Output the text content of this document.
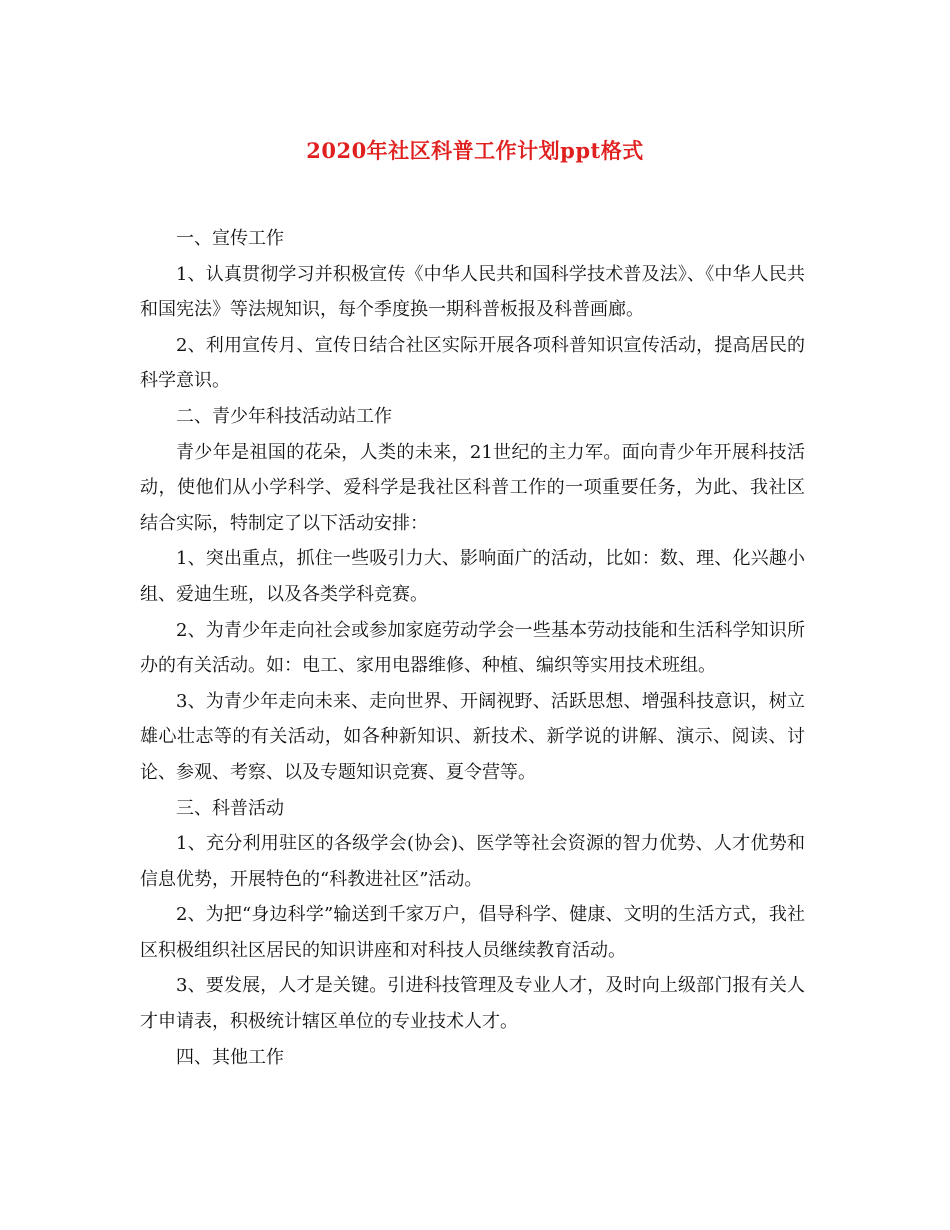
2020年社区科普工作计划ppt格式

一、宣传工作

1、认真贯彻学习并积极宣传《中华人民共和国科学技术普及法》、《中华人民共和国宪法》等法规知识，每个季度换一期科普板报及科普画廊。

2、利用宣传月、宣传日结合社区实际开展各项科普知识宣传活动，提高居民的科学意识。

二、青少年科技活动站工作

青少年是祖国的花朵，人类的未来，21世纪的主力军。面向青少年开展科技活动，使他们从小学科学、爱科学是我社区科普工作的一项重要任务，为此、我社区结合实际，特制定了以下活动安排：

1、突出重点，抓住一些吸引力大、影响面广的活动，比如：数、理、化兴趣小组、爱迪生班，以及各类学科竞赛。

2、为青少年走向社会或参加家庭劳动学会一些基本劳动技能和生活科学知识所办的有关活动。如：电工、家用电器维修、种植、编织等实用技术班组。

3、为青少年走向未来、走向世界、开阔视野、活跃思想、增强科技意识，树立雄心壮志等的有关活动，如各种新知识、新技术、新学说的讲解、演示、阅读、讨论、参观、考察、以及专题知识竞赛、夏令营等。

三、科普活动

1、充分利用驻区的各级学会(协会)、医学等社会资源的智力优势、人才优势和信息优势，开展特色的“科教进社区”活动。

2、为把“身边科学”输送到千家万户，倡导科学、健康、文明的生活方式，我社区积极组织社区居民的知识讲座和对科技人员继续教育活动。

3、要发展，人才是关键。引进科技管理及专业人才，及时向上级部门报有关人才申请表，积极统计辖区单位的专业技术人才。

四、其他工作
